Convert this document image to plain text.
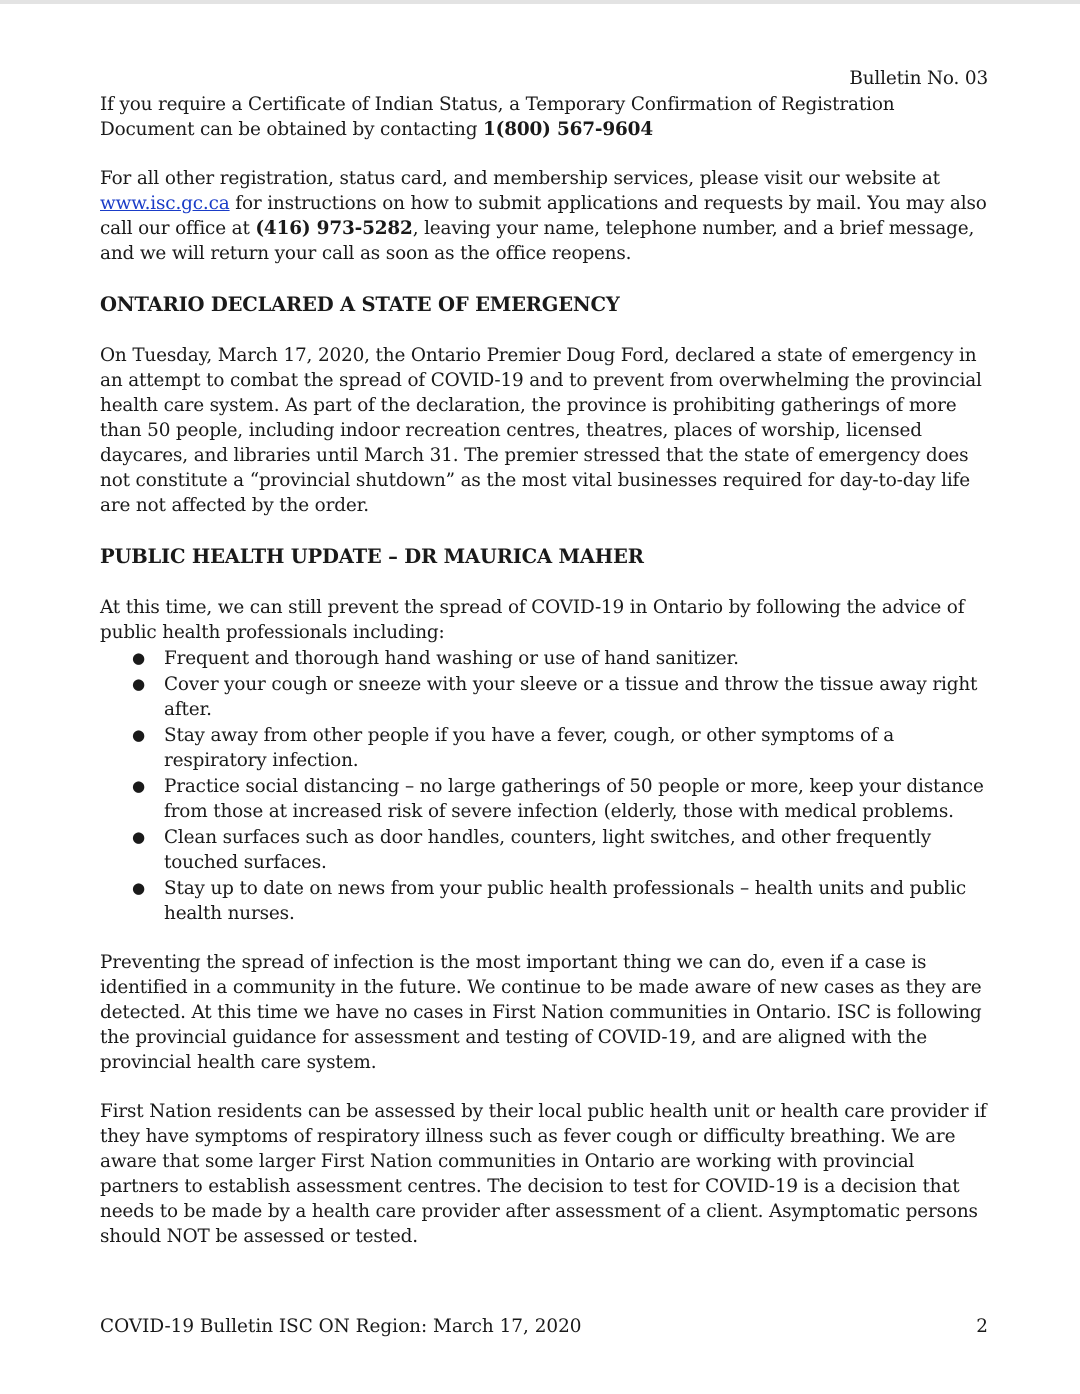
Bulletin No. 03

If you require a Certificate of Indian Status, a Temporary Confirmation of Registration Document can be obtained by contacting 1(800) 567-9604

For all other registration, status card, and membership services, please visit our website at www.isc.gc.ca for instructions on how to submit applications and requests by mail. You may also call our office at (416) 973-5282, leaving your name, telephone number, and a brief message, and we will return your call as soon as the office reopens.

ONTARIO DECLARED A STATE OF EMERGENCY

On Tuesday, March 17, 2020, the Ontario Premier Doug Ford, declared a state of emergency in an attempt to combat the spread of COVID-19 and to prevent from overwhelming the provincial health care system. As part of the declaration, the province is prohibiting gatherings of more than 50 people, including indoor recreation centres, theatres, places of worship, licensed daycares, and libraries until March 31. The premier stressed that the state of emergency does not constitute a “provincial shutdown” as the most vital businesses required for day-to-day life are not affected by the order.

PUBLIC HEALTH UPDATE – DR MAURICA MAHER

At this time, we can still prevent the spread of COVID-19 in Ontario by following the advice of public health professionals including:

● Frequent and thorough hand washing or use of hand sanitizer.
● Cover your cough or sneeze with your sleeve or a tissue and throw the tissue away right after.
● Stay away from other people if you have a fever, cough, or other symptoms of a respiratory infection.
● Practice social distancing – no large gatherings of 50 people or more, keep your distance from those at increased risk of severe infection (elderly, those with medical problems.
● Clean surfaces such as door handles, counters, light switches, and other frequently touched surfaces.
● Stay up to date on news from your public health professionals – health units and public health nurses.

Preventing the spread of infection is the most important thing we can do, even if a case is identified in a community in the future. We continue to be made aware of new cases as they are detected. At this time we have no cases in First Nation communities in Ontario. ISC is following the provincial guidance for assessment and testing of COVID-19, and are aligned with the provincial health care system.

First Nation residents can be assessed by their local public health unit or health care provider if they have symptoms of respiratory illness such as fever cough or difficulty breathing. We are aware that some larger First Nation communities in Ontario are working with provincial partners to establish assessment centres. The decision to test for COVID-19 is a decision that needs to be made by a health care provider after assessment of a client. Asymptomatic persons should NOT be assessed or tested.

COVID-19 Bulletin ISC ON Region: March 17, 2020	2
